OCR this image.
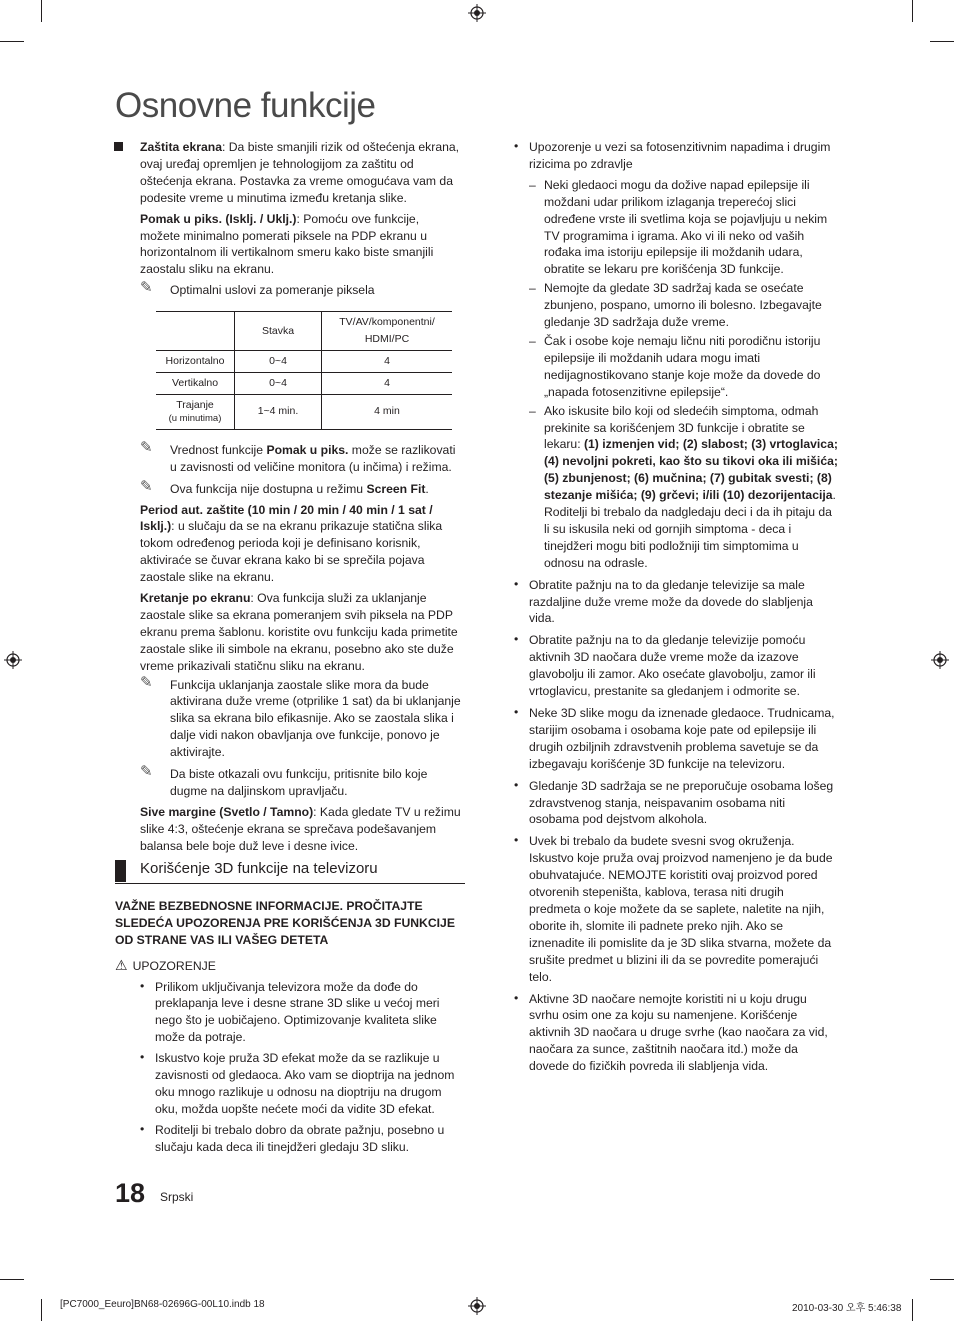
Osnovne funkcije

Zaštita ekrana: Da biste smanjili rizik od oštećenja ekrana, ovaj uređaj opremljen je tehnologijom za zaštitu od oštećenja ekrana. Postavka za vreme omogućava vam da podesite vreme u minutima između kretanja slike.

Pomak u piks. (Isklj. / Uklj.): Pomoću ove funkcije, možete minimalno pomerati piksele na PDP ekranu u horizontalnom ili vertikalnom smeru kako biste smanjili zaostalu sliku na ekranu.

✎ Optimalni uslovi za pomeranje piksela

	Stavka	TV/AV/komponentni/ HDMI/PC
Horizontalno	0~4	4
Vertikalno	0~4	4
Trajanje
(u minutima)	1~4 min.	4 min

✎ Vrednost funkcije Pomak u piks. može se razlikovati u zavisnosti od veličine monitora (u inčima) i režima.

✎ Ova funkcija nije dostupna u režimu Screen Fit.

Period aut. zaštite (10 min / 20 min / 40 min / 1 sat / Isklj.): u slučaju da se na ekranu prikazuje statična slika tokom određenog perioda koji je definisano korisnik, aktiviraće se čuvar ekrana kako bi se sprečila pojava zaostale slike na ekranu.

Kretanje po ekranu: Ova funkcija služi za uklanjanje zaostale slike sa ekrana pomeranjem svih piksela na PDP ekranu prema šablonu. koristite ovu funkciju kada primetite zaostale slike ili simbole na ekranu, posebno ako ste duže vreme prikazivali statičnu sliku na ekranu.

✎ Funkcija uklanjanja zaostale slike mora da bude aktivirana duže vreme (otprilike 1 sat) da bi uklanjanje slika sa ekrana bilo efikasnije. Ako se zaostala slika i dalje vidi nakon obavljanja ove funkcije, ponovo je aktivirajte.

✎ Da biste otkazali ovu funkciju, pritisnite bilo koje dugme na daljinskom upravljaču.

Sive margine (Svetlo / Tamno): Kada gledate TV u režimu slike 4:3, oštećenje ekrana se sprečava podešavanjem balansa bele boje duž leve i desne ivice.

Korišćenje 3D funkcije na televizoru

VAŽNE BEZBEDNOSNE INFORMACIJE. PROČITAJTE SLEDEĆA UPOZORENJA PRE KORIŠĆENJA 3D FUNKCIJE OD STRANE VAS ILI VAŠEG DETETA

⚠ UPOZORENJE

• Prilikom uključivanja televizora može da dođe do preklapanja leve i desne strane 3D slike u većoj meri nego što je uobičajeno. Optimizovanje kvaliteta slike može da potraje.
• Iskustvo koje pruža 3D efekat može da se razlikuje u zavisnosti od gledaoca. Ako vam se dioptrija na jednom oku mnogo razlikuje u odnosu na dioptriju na drugom oku, možda uopšte nećete moći da vidite 3D efekat.
• Roditelji bi trebalo dobro da obrate pažnju, posebno u slučaju kada deca ili tinejdžeri gledaju 3D sliku.
• Upozorenje u vezi sa fotosenzitivnim napadima i drugim rizicima po zdravlje
– Neki gledaoci mogu da dožive napad epilepsije ili moždani udar prilikom izlaganja treperećoj slici određene vrste ili svetlima koja se pojavljuju u nekim TV programima i igrama. Ako vi ili neko od vaših rođaka ima istoriju epilepsije ili moždanih udara, obratite se lekaru pre korišćenja 3D funkcije.
– Nemojte da gledate 3D sadržaj kada se osećate zbunjeno, pospano, umorno ili bolesno. Izbegavajte gledanje 3D sadržaja duže vreme.
– Čak i osobe koje nemaju ličnu niti porodičnu istoriju epilepsije ili moždanih udara mogu imati nedijagnostikovano stanje koje može da dovede do „napada fotosenzitivne epilepsije“.
– Ako iskusite bilo koji od sledećih simptoma, odmah prekinite sa korišćenjem 3D funkcije i obratite se lekaru: (1) izmenjen vid; (2) slabost; (3) vrtoglavica; (4) nevoljni pokreti, kao što su tikovi oka ili mišića; (5) zbunjenost; (6) mučnina; (7) gubitak svesti; (8) stezanje mišića; (9) grčevi; i/ili (10) dezorijentacija. Roditelji bi trebalo da nadgledaju deci i da ih pitaju da li su iskusila neki od gornjih simptoma - deca i tinejdžeri mogu biti podložniji tim simptomima u odnosu na odrasle.
• Obratite pažnju na to da gledanje televizije sa male razdaljine duže vreme može da dovede do slabljenja vida.
• Obratite pažnju na to da gledanje televizije pomoću aktivnih 3D naočara duže vreme može da izazove glavobolju ili zamor. Ako osećate glavobolju, zamor ili vrtoglavicu, prestanite sa gledanjem i odmorite se.
• Neke 3D slike mogu da iznenade gledaoce. Trudnicama, starijim osobama i osobama koje pate od epilepsije ili drugih ozbiljnih zdravstvenih problema savetuje se da izbegavaju korišćenje 3D funkcije na televizoru.
• Gledanje 3D sadržaja se ne preporučuje osobama lošeg zdravstvenog stanja, neispavanim osobama niti osobama pod dejstvom alkohola.
• Uvek bi trebalo da budete svesni svog okruženja. Iskustvo koje pruža ovaj proizvod namenjeno je da bude obuhvatajuće. NEMOJTE koristiti ovaj proizvod pored otvorenih stepeništa, kablova, terasa niti drugih predmeta o koje možete da se saplete, naletite na njih, oborite ih, slomite ili padnete preko njih. Ako se iznenadite ili pomislite da je 3D slika stvarna, možete da srušite predmet u blizini ili da se povredite pomerajući telo.
• Aktivne 3D naočare nemojte koristiti ni u koju drugu svrhu osim one za koju su namenjene. Korišćenje aktivnih 3D naočara u druge svrhe (kao naočara za vid, naočara za sunce, zaštitnih naočara itd.) može da dovede do fizičkih povreda ili slabljenja vida.
18 Srpski
[PC7000_Eeuro]BN68-02696G-00L10.indb 18	2010-03-30 오후 5:46:38
